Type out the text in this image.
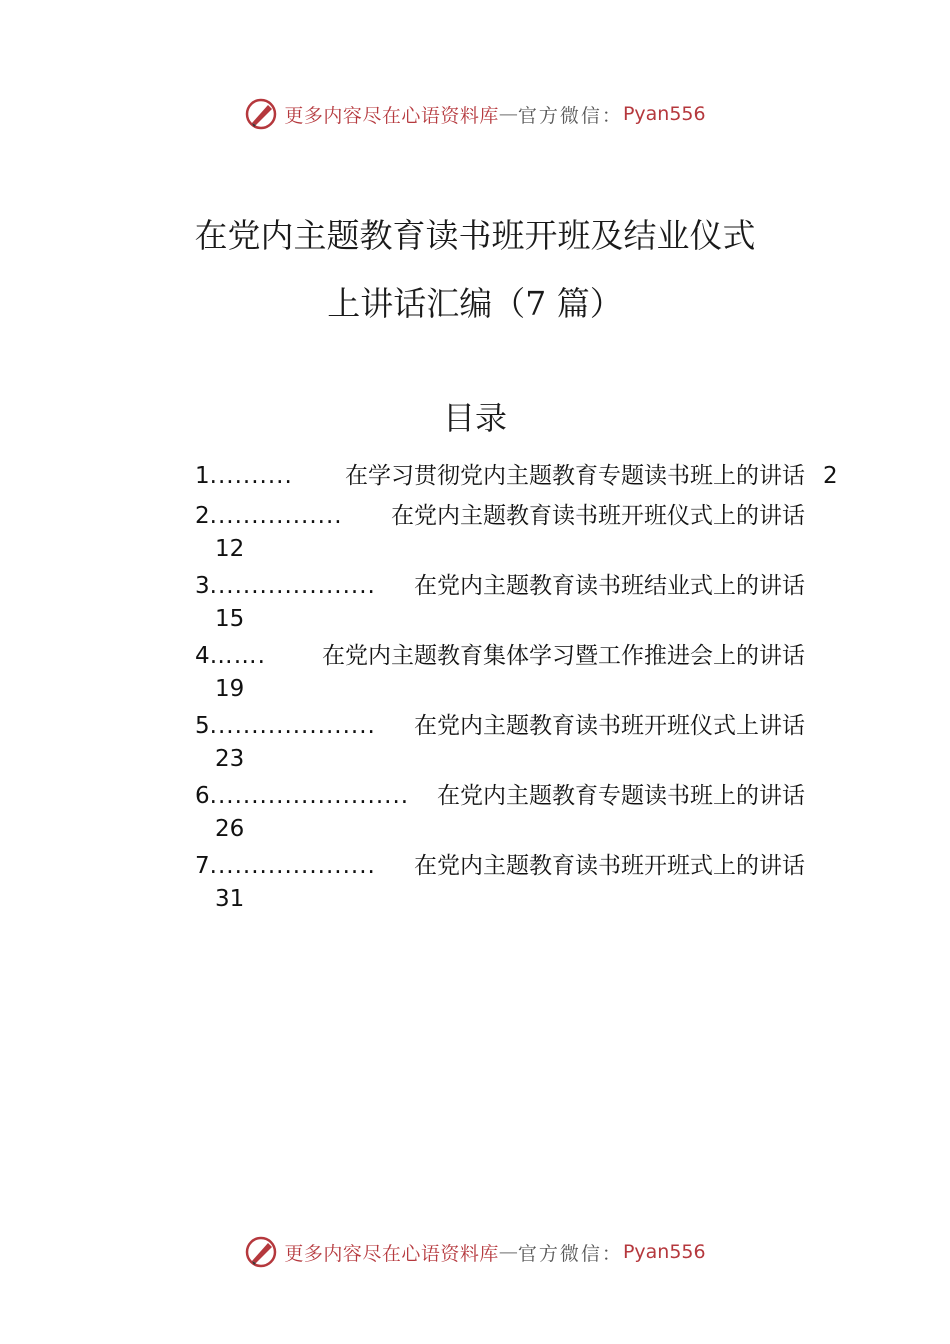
更多内容尽在心语资料库 — 官方微信： Pyan556
在党内主题教育读书班开班及结业仪式
上讲话汇编（7 篇）
目录
1 ..........	在学习贯彻党内主题教育专题读书班上的讲话 2
2 ................	在党内主题教育读书班开班仪式上的讲话
12
3 ....................	在党内主题教育读书班结业式上的讲话
15
4 …….	在党内主题教育集体学习暨工作推进会上的讲话
19
5 ....................	在党内主题教育读书班开班仪式上讲话
23
6 ........................	在党内主题教育专题读书班上的讲话
26
7 ....................	在党内主题教育读书班开班式上的讲话
31
更多内容尽在心语资料库 — 官方微信： Pyan556
